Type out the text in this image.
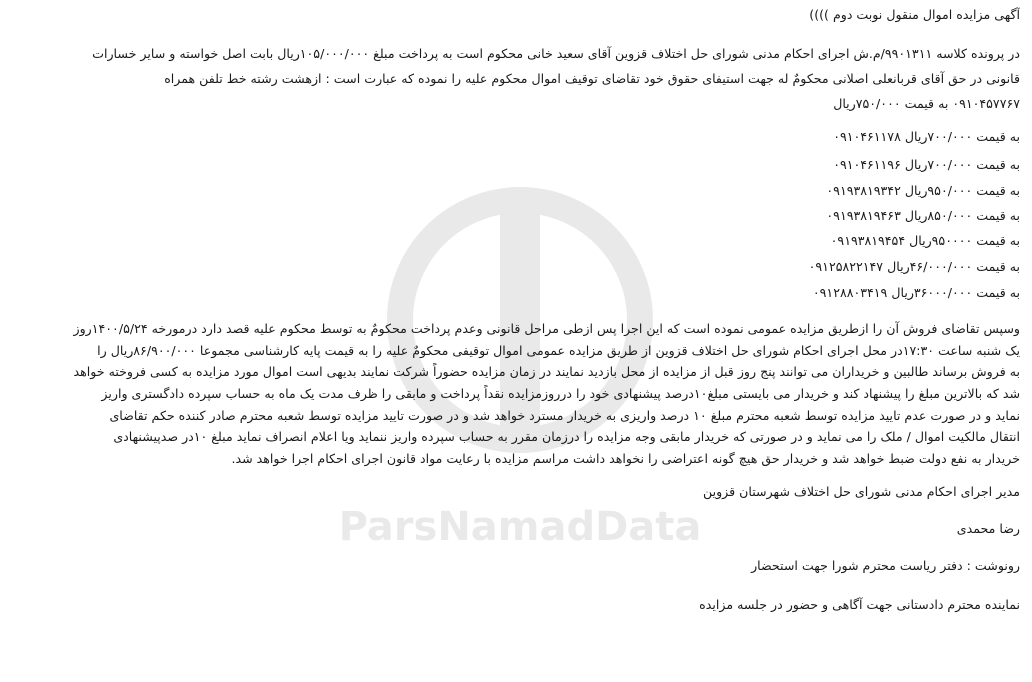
ParsNamadData
آگهی مزایده اموال منقول نوبت دوم ))))
در پرونده کلاسه ۹۹۰۱۳۱۱/م.ش اجرای احکام مدنی شورای حل اختلاف قزوین آقای سعید خانی محکوم است به پرداخت مبلغ ۱۰۵/۰۰۰/۰۰۰ریال بابت اصل خواسته و سایر خسارات
قانونی در حق آقای قربانعلی اصلانی محکومٌ له جهت استیفای حقوق خود تقاضای توقیف اموال محکوم علیه را نموده که عبارت است : ازهشت رشته خط تلفن همراه
۰۹۱۰۴۵۷۷۶۷ به قیمت ۷۵۰/۰۰۰ریال
به قیمت ۷۰۰/۰۰۰ریال ۰۹۱۰۴۶۱۱۷۸
به قیمت ۷۰۰/۰۰۰ریال ۰۹۱۰۴۶۱۱۹۶
به قیمت ۹۵۰/۰۰۰ریال ۰۹۱۹۳۸۱۹۳۴۲
به قیمت ۸۵۰/۰۰۰ریال ۰۹۱۹۳۸۱۹۴۶۳
به قیمت ۹۵۰۰۰۰ریال ۰۹۱۹۳۸۱۹۴۵۴
به قیمت ۴۶/۰۰۰/۰۰۰ریال ۰۹۱۲۵۸۲۲۱۴۷
به قیمت ۳۶۰۰۰/۰۰۰ریال ۰۹۱۲۸۸۰۳۴۱۹
وسپس تقاضای فروش آن را ازطریق مزایده عمومی نموده است که این اجرا پس ازطی مراحل قانونی وعدم پرداخت محکومٌ به توسط محکوم علیه قصد دارد درمورخه ۱۴۰۰/۵/۲۴روز
یک شنبه ساعت ۱۷:۳۰در محل اجرای احکام شورای حل اختلاف قزوین از طریق مزایده عمومی اموال توقیفی محکومٌ علیه را به قیمت پایه کارشناسی مجموعا ۸۶/۹۰۰/۰۰۰ریال را
به فروش برساند طالبین و خریداران می توانند پنج روز قبل از مزایده از محل بازدید نمایند در زمان مزایده حضوراً شرکت نمایند بدیهی است اموال مورد مزایده به کسی فروخته خواهد
شد که بالاترین مبلغ را پیشنهاد کند و خریدار می بایستی مبلغ۱۰درصد پیشنهادی خود را درروزمزایده نقداً پرداخت و مابقی را ظرف مدت یک ماه به حساب سپرده دادگستری واریز
نماید و در صورت عدم تایید مزایده توسط شعبه محترم مبلغ ۱۰ درصد واریزی به خریدار مسترد خواهد شد و در صورت تایید مزایده توسط شعبه محترم صادر کننده حکم تقاضای
انتقال مالکیت اموال / ملک را می نماید و در صورتی که خریدار مابقی وجه مزایده را درزمان مقرر به حساب سپرده واریز ننماید ویا اعلام انصراف نماید مبلغ ۱۰در صدپیشنهادی
خریدار به نفع دولت ضبط خواهد شد و خریدار حق هیچ گونه اعتراضی را نخواهد داشت مراسم مزایده با رعایت مواد قانون اجرای احکام اجرا خواهد شد.
مدیر اجرای احکام مدنی شورای حل اختلاف شهرستان قزوین
رضا محمدی
رونوشت : دفتر ریاست محترم شورا جهت استحضار
نماینده محترم دادستانی جهت آگاهی و حضور در جلسه مزایده
